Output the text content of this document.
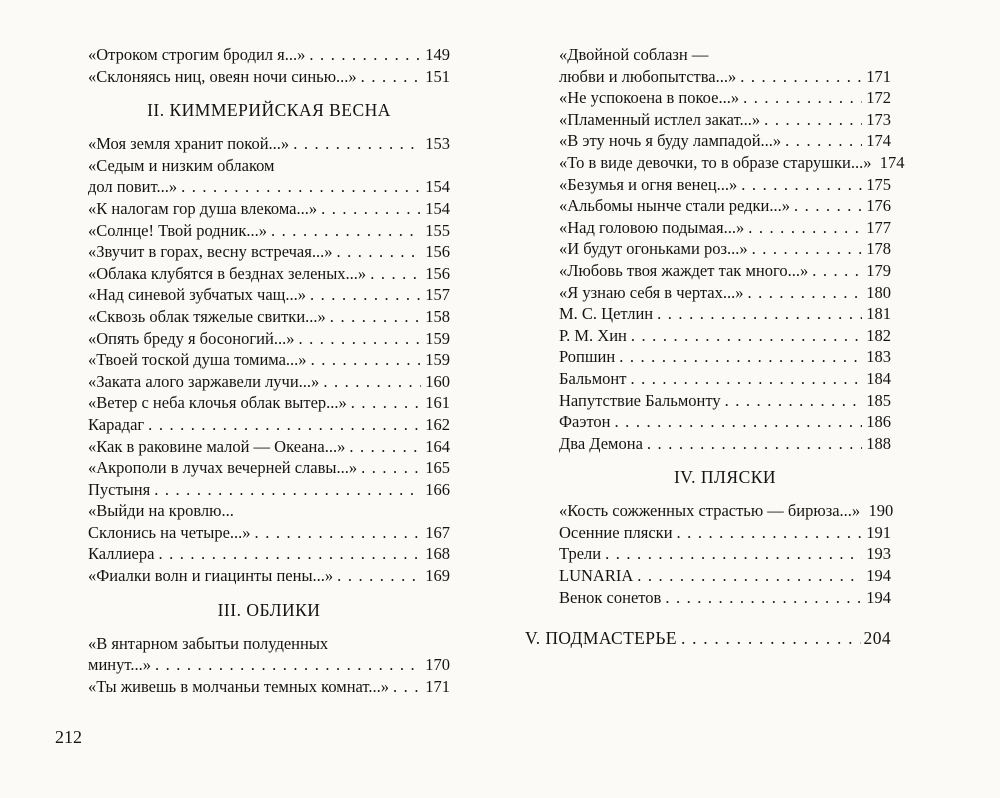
«Отроком строгим бродил я...» . . .	149
«Склоняясь ниц, овеян ночи синью...» . . .	151
II. КИММЕРИЙСКАЯ ВЕСНА
«Моя земля хранит покой...» . . .	153
«Седым и низким облаком
дол повит...» . . .	154
«К налогам гор душа влекома...» . . .	154
«Солнце! Твой родник...» . . .	155
«Звучит в горах, весну встречая...» . . .	156
«Облака клубятся в безднах зеленых...» . . .	156
«Над синевой зубчатых чащ...» . . .	157
«Сквозь облак тяжелые свитки...» . . .	158
«Опять бреду я босоногий...» . . .	159
«Твоей тоской душа томима...» . . .	159
«Заката алого заржавели лучи...» . . .	160
«Ветер с неба клочья облак вытер...» . . .	161
Карадаг . . .	162
«Как в раковине малой — Океана...» . . .	164
«Акрополи в лучах вечерней славы...» . . .	165
Пустыня . . .	166
«Выйди на кровлю...
Склонись на четыре...» . . .	167
Каллиера . . .	168
«Фиалки волн и гиацинты пены...» . . .	169
III. ОБЛИКИ
«В янтарном забытьи полуденных
минут...» . . .	170
«Ты живешь в молчаньи темных комнат...» . . . 171
212
«Двойной соблазн —
любви и любопытства...» . . .	171
«Не успокоена в покое...» . . .	172
«Пламенный истлел закат...» . . .	173
«В эту ночь я буду лампадой...» . . .	174
«То в виде девочки, то в образе старушки...» 174
«Безумья и огня венец...» . . .	175
«Альбомы нынче стали редки...» . . .	176
«Над головою подымая...» . . .	177
«И будут огоньками роз...» . . .	178
«Любовь твоя жаждет так много...» . . .	179
«Я узнаю себя в чертах...» . . .	180
М. С. Цетлин . . .	181
Р. М. Хин . . .	182
Ропшин . . .	183
Бальмонт . . .	184
Напутствие Бальмонту . . .	185
Фаэтон . . .	186
Два Демона . . .	188
IV. ПЛЯСКИ
«Кость сожженных страстью — бирюза...» 190
Осенние пляски . . .	191
Трели . . .	193
LUNARIA . . .	194
Венок сонетов . . .	194
V. ПОДМАСТЕРЬЕ . . .	204
